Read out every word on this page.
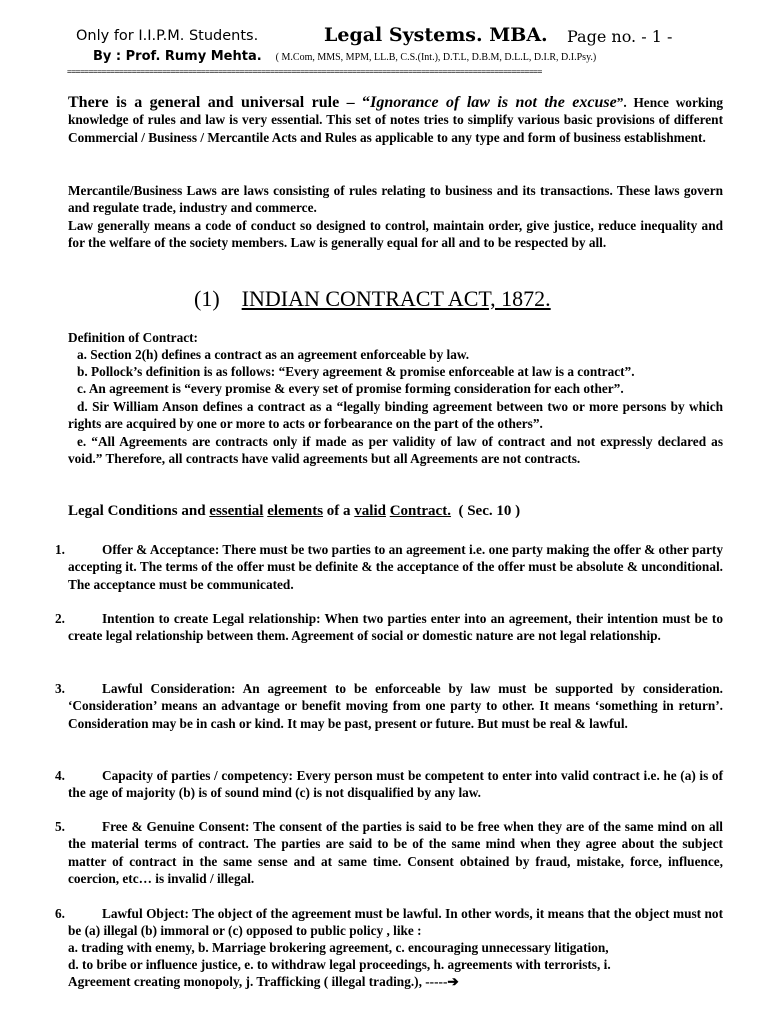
Only for I.I.P.M. Students.	Legal Systems. MBA. Page no. - 1 -
By : Prof. Rumy Mehta. ( M.Com, MMS, MPM, LL.B, C.S.(Int.), D.T.L, D.B.M, D.L.L, D.I.R, D.I.Psy.)
==============================================================================================================
There is a general and universal rule – “Ignorance of law is not the excuse”. Hence working knowledge of rules and law is very essential. This set of notes tries to simplify various basic provisions of different Commercial / Business / Mercantile Acts and Rules as applicable to any type and form of business establishment.
Mercantile/Business Laws are laws consisting of rules relating to business and its transactions. These laws govern and regulate trade, industry and commerce.
Law generally means a code of conduct so designed to control, maintain order, give justice, reduce inequality and for the welfare of the society members. Law is generally equal for all and to be respected by all.
(1) INDIAN CONTRACT ACT, 1872.
Definition of Contract:
a. Section 2(h) defines a contract as an agreement enforceable by law.
b. Pollock’s definition is as follows: “Every agreement & promise enforceable at law is a contract”.
c. An agreement is “every promise & every set of promise forming consideration for each other”.
d. Sir William Anson defines a contract as a “legally binding agreement between two or more persons by which rights are acquired by one or more to acts or forbearance on the part of the others”.
e. “All Agreements are contracts only if made as per validity of law of contract and not expressly declared as void.” Therefore, all contracts have valid agreements but all Agreements are not contracts.
Legal Conditions and essential elements of a valid Contract. ( Sec. 10 )
1.	Offer & Acceptance: There must be two parties to an agreement i.e. one party making the offer & other party accepting it. The terms of the offer must be definite & the acceptance of the offer must be absolute & unconditional. The acceptance must be communicated.
2.	Intention to create Legal relationship: When two parties enter into an agreement, their intention must be to create legal relationship between them. Agreement of social or domestic nature are not legal relationship.
3.	Lawful Consideration: An agreement to be enforceable by law must be supported by consideration. ‘Consideration’ means an advantage or benefit moving from one party to other. It means ‘something in return’. Consideration may be in cash or kind. It may be past, present or future. But must be real & lawful.
4.	Capacity of parties / competency: Every person must be competent to enter into valid contract i.e. he (a) is of the age of majority (b) is of sound mind (c) is not disqualified by any law.
5.	Free & Genuine Consent: The consent of the parties is said to be free when they are of the same mind on all the material terms of contract. The parties are said to be of the same mind when they agree about the subject matter of contract in the same sense and at same time. Consent obtained by fraud, mistake, force, influence, coercion, etc… is invalid / illegal.
6.	Lawful Object: The object of the agreement must be lawful. In other words, it means that the object must not be (a) illegal (b) immoral or (c) opposed to public policy , like :
a. trading with enemy, b. Marriage brokering agreement, c. encouraging unnecessary litigation,
d. to bribe or influence justice, e. to withdraw legal proceedings, h. agreements with terrorists, i.
Agreement creating monopoly, j. Trafficking ( illegal trading.), -----➔
